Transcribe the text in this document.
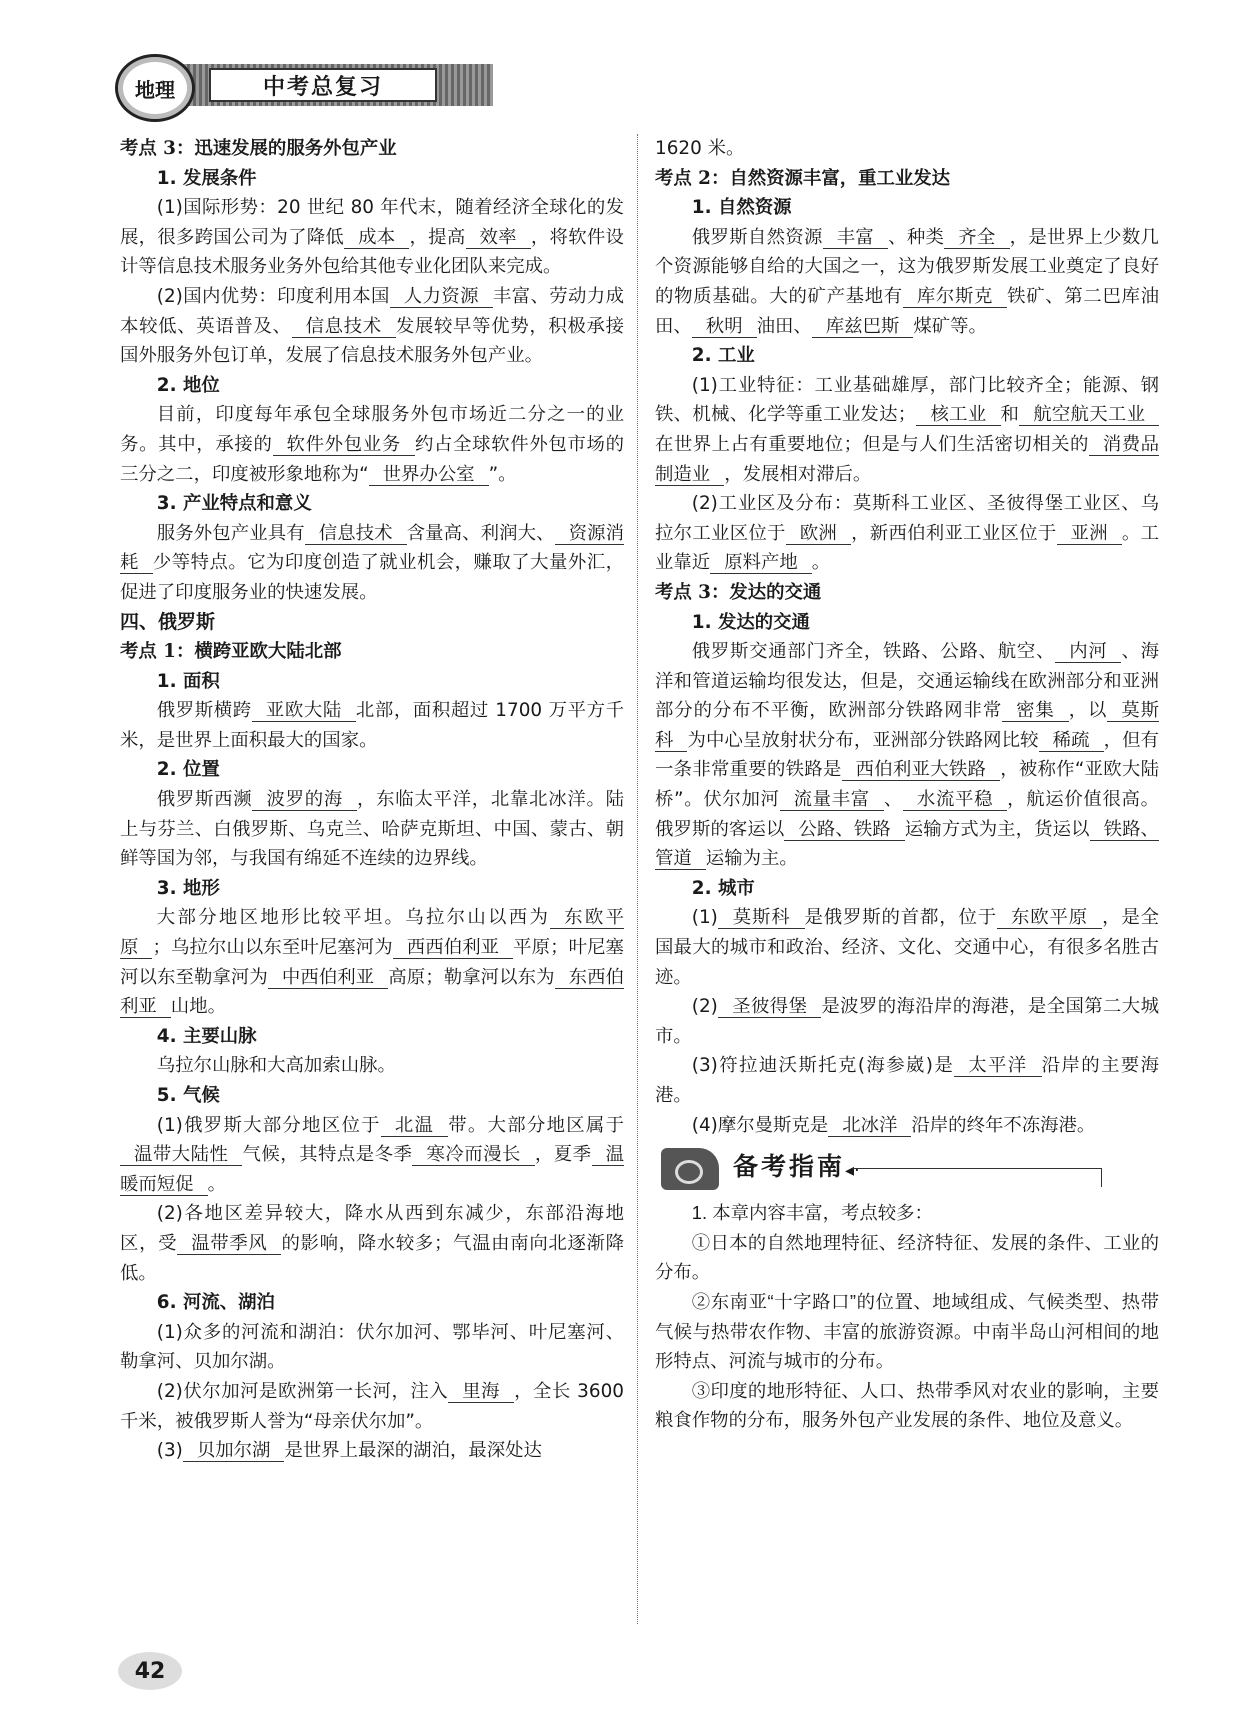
地理	中考总复习

考点 3：迅速发展的服务外包产业

1. 发展条件

(1)国际形势：20 世纪 80 年代末，随着经济全球化的发展，很多跨国公司为了降低 成本 ，提高 效率 ，将软件设计等信息技术服务业务外包给其他专业化团队来完成。

(2)国内优势：印度利用本国 人力资源 丰富、劳动力成本较低、英语普及、 信息技术 发展较早等优势，积极承接国外服务外包订单，发展了信息技术服务外包产业。

2. 地位

目前，印度每年承包全球服务外包市场近二分之一的业务。其中，承接的 软件外包业务 约占全球软件外包市场的三分之二，印度被形象地称为“ 世界办公室 ”。

3. 产业特点和意义

服务外包产业具有 信息技术 含量高、利润大、 资源消耗 少等特点。它为印度创造了就业机会，赚取了大量外汇，促进了印度服务业的快速发展。

四、俄罗斯

考点 1：横跨亚欧大陆北部

1. 面积

俄罗斯横跨 亚欧大陆 北部，面积超过 1700 万平方千米，是世界上面积最大的国家。

2. 位置

俄罗斯西濒 波罗的海 ，东临太平洋，北靠北冰洋。陆上与芬兰、白俄罗斯、乌克兰、哈萨克斯坦、中国、蒙古、朝鲜等国为邻，与我国有绵延不连续的边界线。

3. 地形

大部分地区地形比较平坦。乌拉尔山以西为 东欧平原 ；乌拉尔山以东至叶尼塞河为 西西伯利亚 平原；叶尼塞河以东至勒拿河为 中西伯利亚 高原；勒拿河以东为 东西伯利亚 山地。

4. 主要山脉

乌拉尔山脉和大高加索山脉。

5. 气候

(1)俄罗斯大部分地区位于 北温 带。大部分地区属于温带大陆性 气候，其特点是冬季 寒冷而漫长 ，夏季 温暖而短促 。

(2)各地区差异较大，降水从西到东减少，东部沿海地区，受 温带季风 的影响，降水较多；气温由南向北逐渐降低。

6. 河流、湖泊

(1)众多的河流和湖泊：伏尔加河、鄂毕河、叶尼塞河、勒拿河、贝加尔湖。

(2)伏尔加河是欧洲第一长河，注入 里海 ，全长 3600 千米，被俄罗斯人誉为“母亲伏尔加”。

(3) 贝加尔湖 是世界上最深的湖泊，最深处达

1620 米。

考点 2：自然资源丰富，重工业发达

1. 自然资源

俄罗斯自然资源 丰富 、种类 齐全 ，是世界上少数几个资源能够自给的大国之一，这为俄罗斯发展工业奠定了良好的物质基础。大的矿产基地有 库尔斯克 铁矿、第二巴库油田、 秋明 油田、 库兹巴斯 煤矿等。

2. 工业

(1)工业特征：工业基础雄厚，部门比较齐全；能源、钢铁、机械、化学等重工业发达； 核工业 和 航空航天工业在世界上占有重要地位；但是与人们生活密切相关的 消费品制造业 ，发展相对滞后。

(2)工业区及分布：莫斯科工业区、圣彼得堡工业区、乌拉尔工业区位于 欧洲 ，新西伯利亚工业区位于 亚洲 。工业靠近 原料产地 。

考点 3：发达的交通

1. 发达的交通

俄罗斯交通部门齐全，铁路、公路、航空、 内河 、海洋和管道运输均很发达，但是，交通运输线在欧洲部分和亚洲部分的分布不平衡，欧洲部分铁路网非常 密集 ，以 莫斯科 为中心呈放射状分布，亚洲部分铁路网比较 稀疏 ，但有一条非常重要的铁路是 西伯利亚大铁路 ，被称作“亚欧大陆桥”。伏尔加河 流量丰富 、 水流平稳 ，航运价值很高。俄罗斯的客运以 公路、铁路 运输方式为主，货运以 铁路、管道 运输为主。

2. 城市

(1) 莫斯科 是俄罗斯的首都，位于 东欧平原 ，是全国最大的城市和政治、经济、文化、交通中心，有很多名胜古迹。

(2) 圣彼得堡 是波罗的海沿岸的海港，是全国第二大城市。

(3)符拉迪沃斯托克(海参崴)是 太平洋 沿岸的主要海港。

(4)摩尔曼斯克是 北冰洋 沿岸的终年不冻海港。

备考指南 ◂·

1. 本章内容丰富，考点较多：

①日本的自然地理特征、经济特征、发展的条件、工业的分布。

②东南亚“十字路口”的位置、地域组成、气候类型、热带气候与热带农作物、丰富的旅游资源。中南半岛山河相间的地形特点、河流与城市的分布。

③印度的地形特征、人口、热带季风对农业的影响，主要粮食作物的分布，服务外包产业发展的条件、地位及意义。

42
